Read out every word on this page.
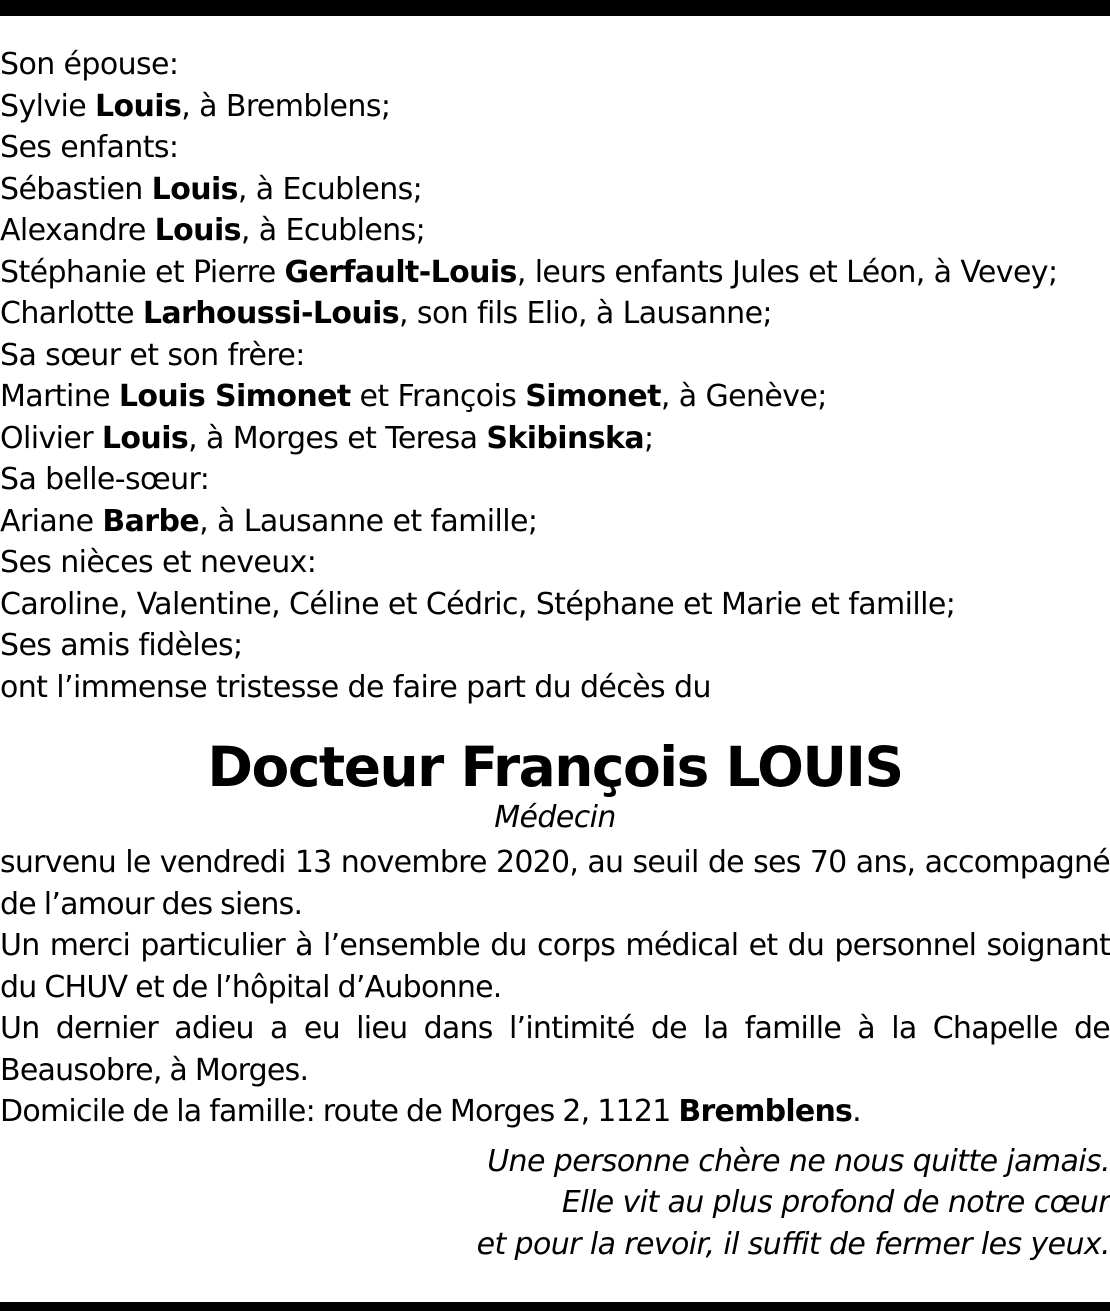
Son épouse:
Sylvie Louis, à Bremblens;
Ses enfants:
Sébastien Louis, à Ecublens;
Alexandre Louis, à Ecublens;
Stéphanie et Pierre Gerfault-Louis, leurs enfants Jules et Léon, à Vevey;
Charlotte Larhoussi-Louis, son fils Elio, à Lausanne;
Sa sœur et son frère:
Martine Louis Simonet et François Simonet, à Genève;
Olivier Louis, à Morges et Teresa Skibinska;
Sa belle-sœur:
Ariane Barbe, à Lausanne et famille;
Ses nièces et neveux:
Caroline, Valentine, Céline et Cédric, Stéphane et Marie et famille;
Ses amis fidèles;
ont l’immense tristesse de faire part du décès du
Docteur François LOUIS
Médecin
survenu le vendredi 13 novembre 2020, au seuil de ses 70 ans, accompagné de l’amour des siens.
Un merci particulier à l’ensemble du corps médical et du personnel soignant du CHUV et de l’hôpital d’Aubonne.
Un dernier adieu a eu lieu dans l’intimité de la famille à la Chapelle de Beausobre, à Morges.
Domicile de la famille: route de Morges 2, 1121 Bremblens.
Une personne chère ne nous quitte jamais.
Elle vit au plus profond de notre cœur
et pour la revoir, il suffit de fermer les yeux.
